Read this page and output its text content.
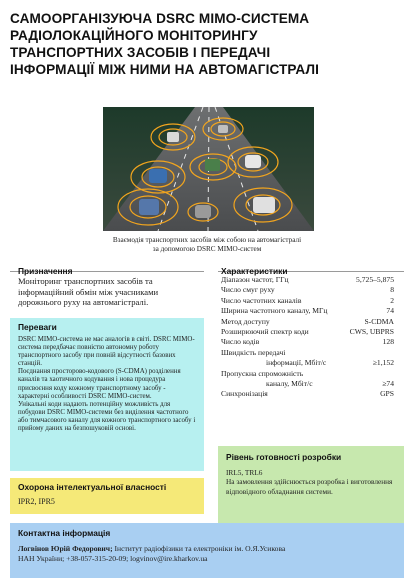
САМООРГАНІЗУЮЧА DSRC MIMO-СИСТЕМА
РАДІОЛОКАЦІЙНОГО МОНІТОРИНГУ
ТРАНСПОРТНИХ ЗАСОБІВ І ПЕРЕДАЧІ
ІНФОРМАЦІЇ МІЖ НИМИ НА АВТОМАГІСТРАЛІ
Взаємодія транспортних засобів між собою на автомагістралі
за допомогою DSRC MIMO-систем
Призначення
Моніторинг транспортних засобів та інформаційний обмін між учасниками дорожнього руху на автомагістралі.
Переваги

DSRC MIMO-система не має аналогів в світі. DSRC MIMO-система передбачає повністю автономну роботу транспортного засобу при повній відсутності базових станцій.

Поєднання просторово-кодового (S-CDMA) розділення каналів та хаотичного кодування і нова процедура присвоєння коду кожному транспортному засобу - характерні особливості DSRC MIMO-систем.

Унікальні коди надають потенційну можливість для побудови DSRC MIMO-системи без виділення частотного або тимчасового каналу для кожного транспортного засобу і прийому даних на безпошуковій основі.

Охорона інтелектуальної власності
IPR2, IPR5
Характеристики
Діапазон частот, ГГц	5,725–5,875
Число смуг руху	8
Число частотних каналів	2
Ширина частотного каналу, МГц	74
Метод доступу	S-CDMA
Розширюючий спектр коди	CWS, UBPRS
Число кодів	128
Швидкість передачі	
інформації, Мбіт/с	≥1,152
Пропускна спроможність	
каналу, Мбіт/с	≥74
Синхронізація	GPS
Рівень готовності розробки

IRL5, TRL6

На замовлення здійснюється розробка і виготовлення відповідного обладнання системи.

Контактна інформація
Логвінов Юрій Федорович; Інститут радіофізики та електроніки ім. О.Я.Усикова
НАН України; +38-057-315-20-09; logvinov@ire.kharkov.ua
